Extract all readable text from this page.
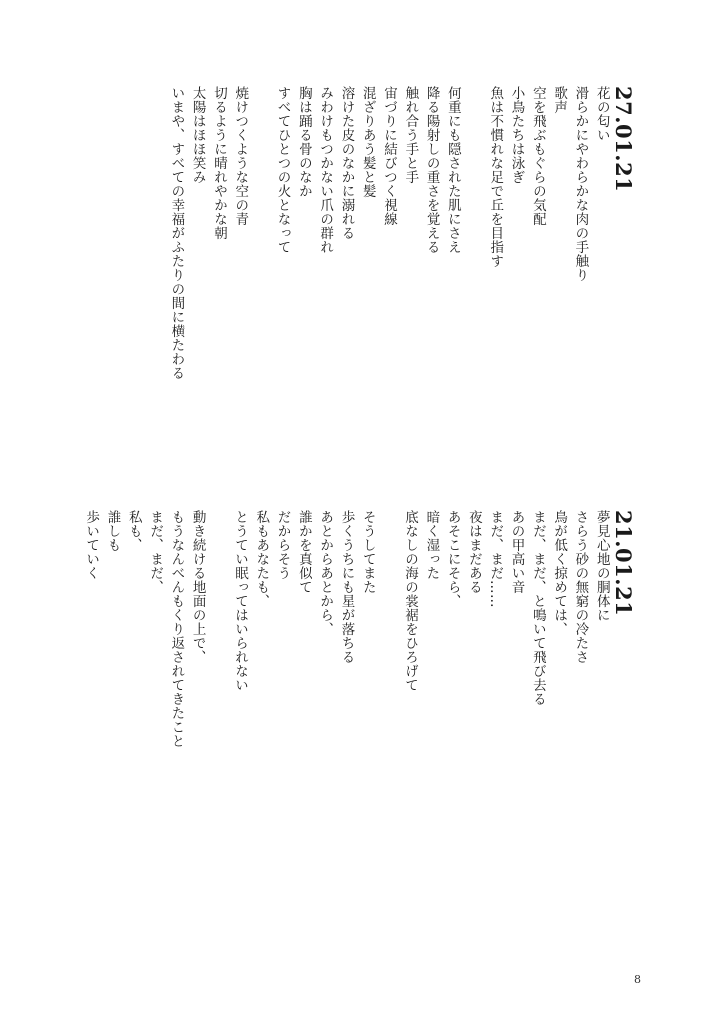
27.01.21
花の匂い
滑らかにやわらかな肉の手触り
歌声
空を飛ぶもぐらの気配
小鳥たちは泳ぎ
魚は不慣れな足で丘を目指す
何重にも隠された肌にさえ
降る陽射しの重さを覚える
触れ合う手と手
宙づりに結びつく視線
混ざりあう髪と髪
溶けた皮のなかに溺れる
みわけもつかない爪の群れ
胸は踊る骨のなか
すべてひとつの火となって
焼けつくような空の青
切るように晴れやかな朝
太陽はほほ笑み
いまや、すべての幸福がふたりの間に横たわる
21.01.21
夢見心地の胴体に
さらう砂の無窮の冷たさ
鳥が低く掠めては、
まだ、まだ、と鳴いて飛び去る
あの甲高い音
まだ、まだ……
夜はまだある
あそこにそら、
暗く湿った
底なしの海の裳裾をひろげて
そうしてまた
歩くうちにも星が落ちる
あとからあとから、
誰かを真似て
だからそう
私もあなたも、
とうてい眠ってはいられない
動き続ける地面の上で、
もうなんべんもくり返されてきたこと
まだ、まだ、
私も、
誰しも
歩いていく
8
